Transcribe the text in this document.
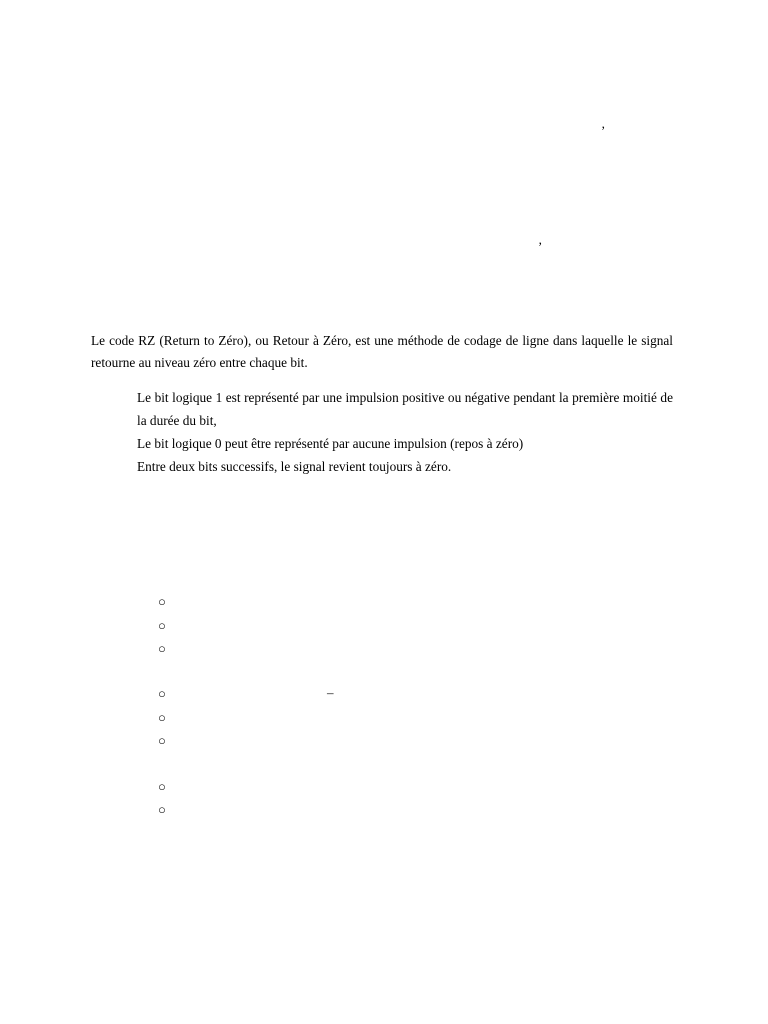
’
’
Le code RZ (Return to Zéro), ou Retour à Zéro, est une méthode de codage de ligne dans laquelle le signal retourne au niveau zéro entre chaque bit.

Le bit logique 1 est représenté par une impulsion positive ou négative pendant la première moitié de la durée du bit,

Le bit logique 0 peut être représenté par aucune impulsion (repos à zéro)

Entre deux bits successifs, le signal revient toujours à zéro.

○
○
○
○	–
○
○
○
○
